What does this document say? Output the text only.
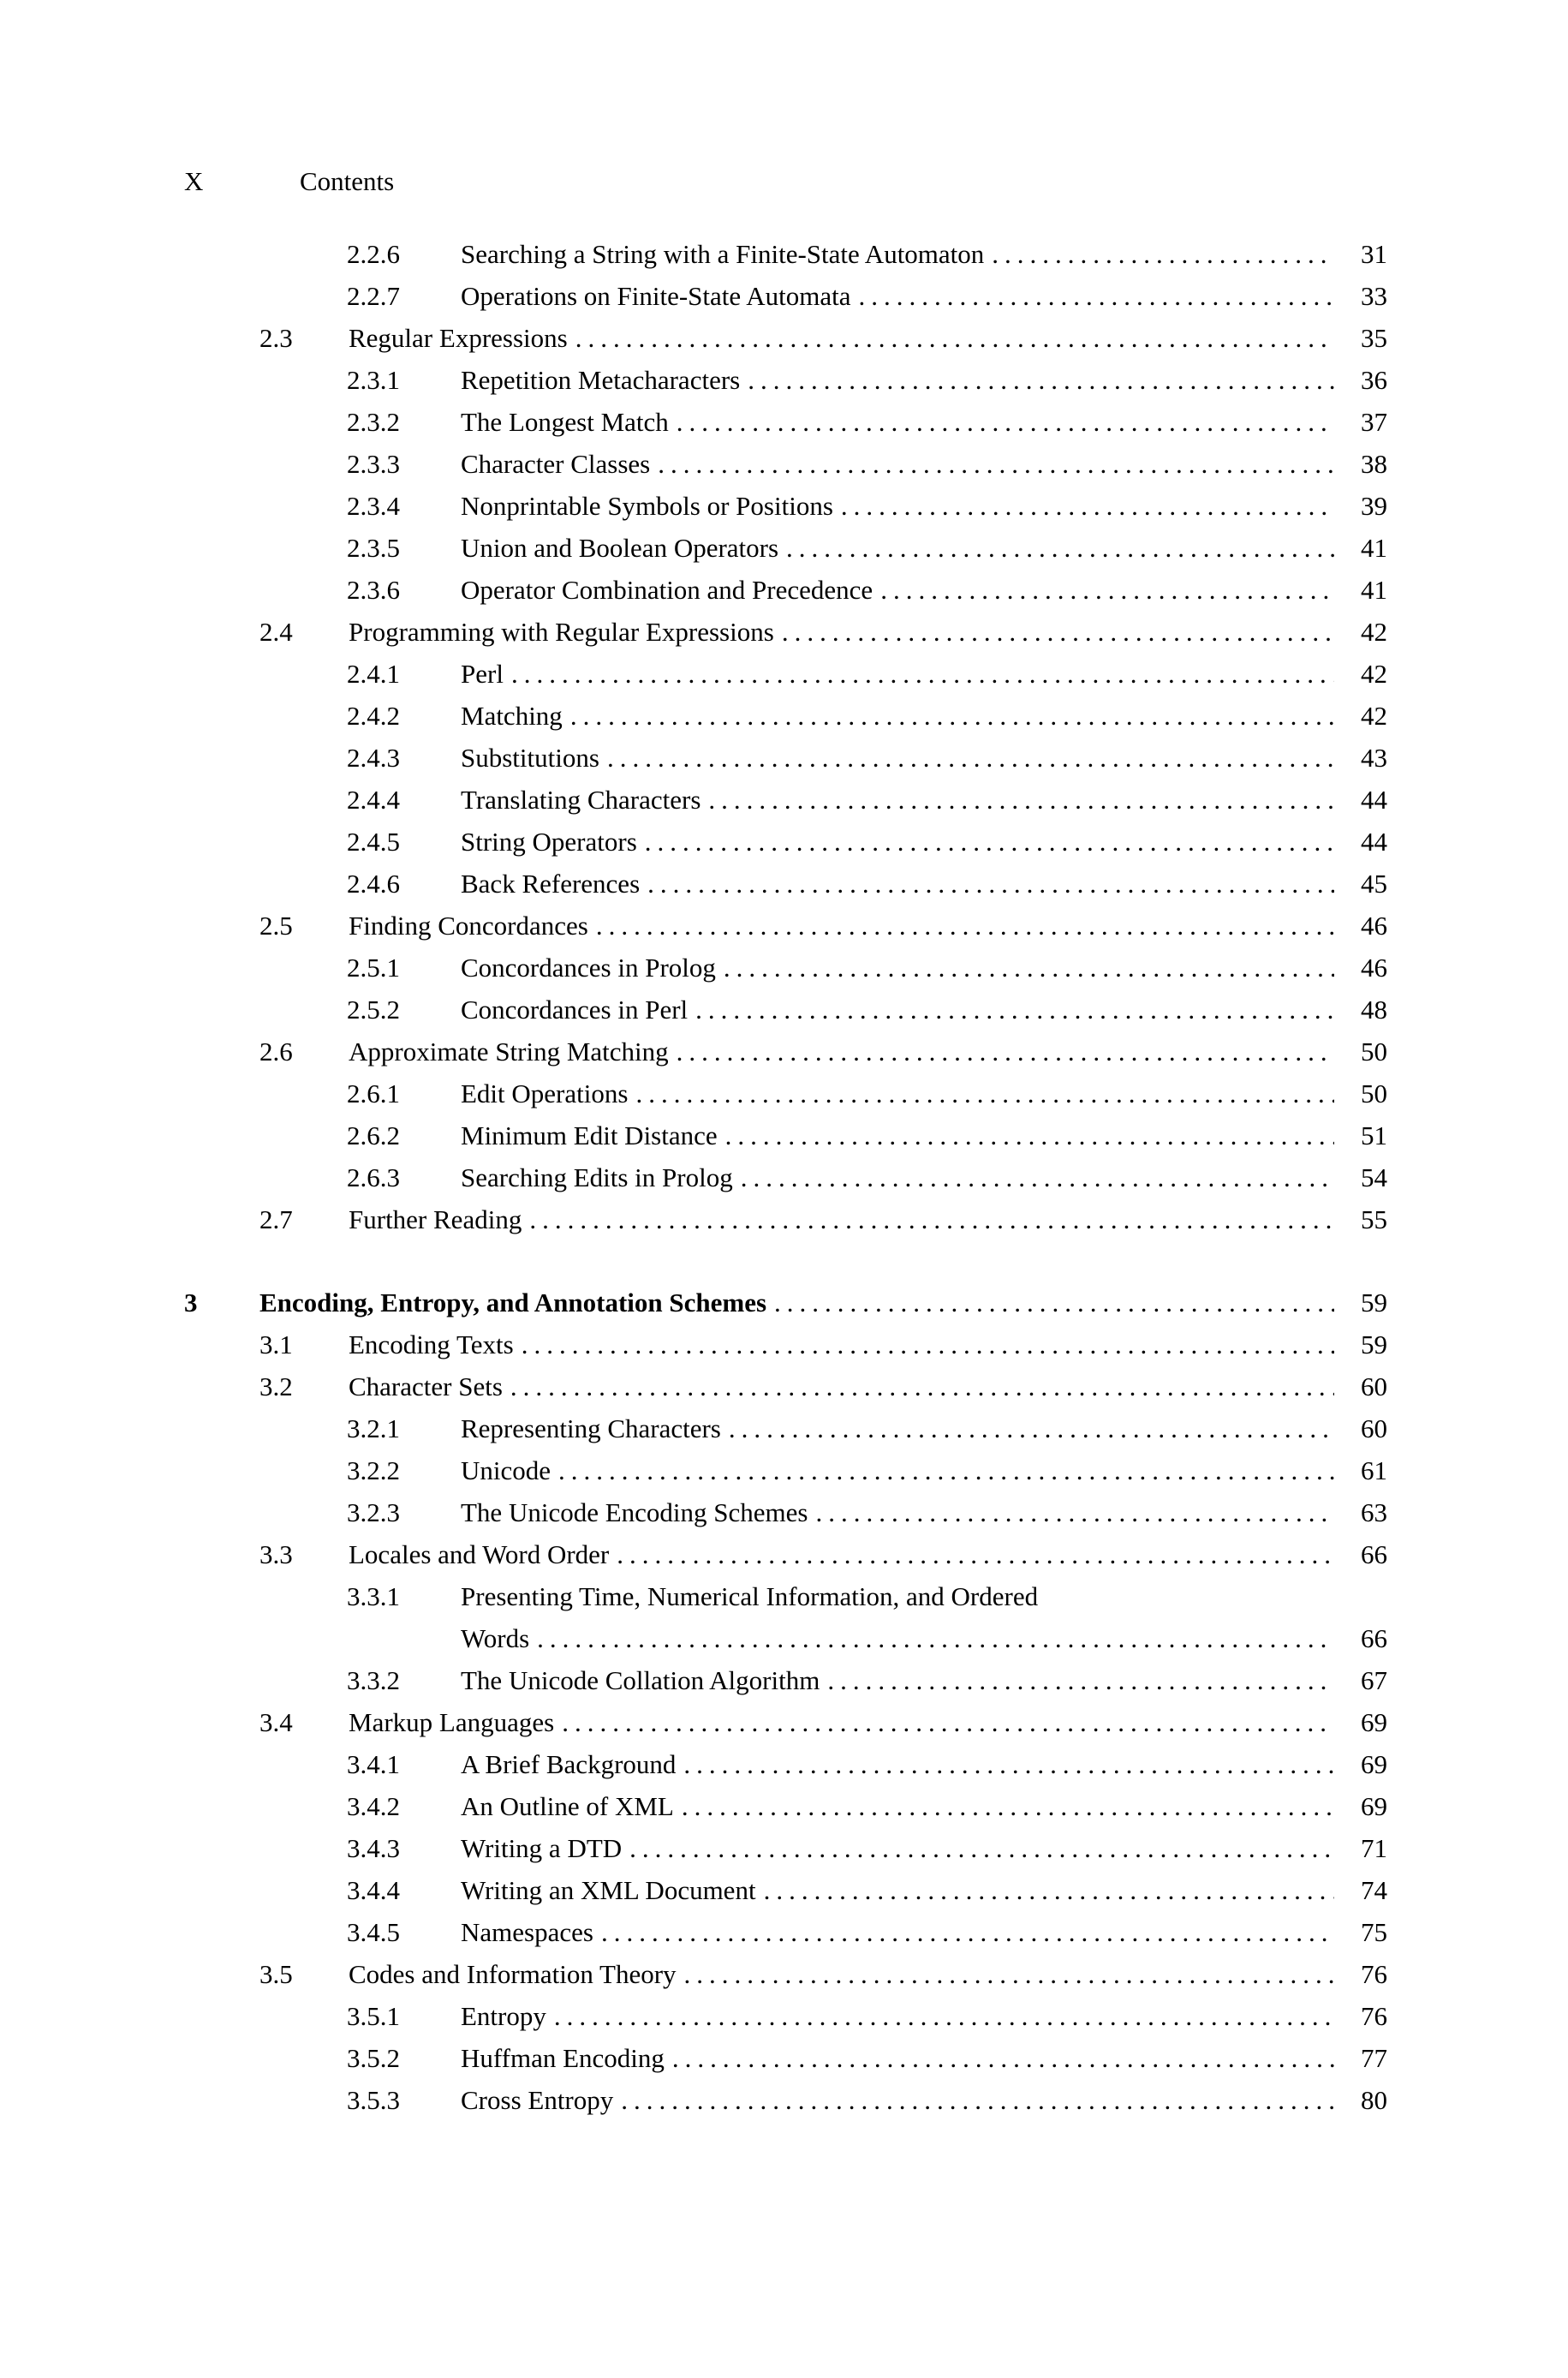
X	Contents
2.2.6	Searching a String with a Finite-State Automaton .....	31
2.2.7	Operations on Finite-State Automata .....	33
2.3	Regular Expressions .....	35
2.3.1	Repetition Metacharacters .....	36
2.3.2	The Longest Match .....	37
2.3.3	Character Classes .....	38
2.3.4	Nonprintable Symbols or Positions .....	39
2.3.5	Union and Boolean Operators .....	41
2.3.6	Operator Combination and Precedence .....	41
2.4	Programming with Regular Expressions .....	42
2.4.1	Perl .....	42
2.4.2	Matching .....	42
2.4.3	Substitutions .....	43
2.4.4	Translating Characters .....	44
2.4.5	String Operators .....	44
2.4.6	Back References .....	45
2.5	Finding Concordances .....	46
2.5.1	Concordances in Prolog .....	46
2.5.2	Concordances in Perl .....	48
2.6	Approximate String Matching .....	50
2.6.1	Edit Operations .....	50
2.6.2	Minimum Edit Distance .....	51
2.6.3	Searching Edits in Prolog .....	54
2.7	Further Reading .....	55
3	Encoding, Entropy, and Annotation Schemes .....	59
3.1	Encoding Texts .....	59
3.2	Character Sets .....	60
3.2.1	Representing Characters .....	60
3.2.2	Unicode .....	61
3.2.3	The Unicode Encoding Schemes .....	63
3.3	Locales and Word Order .....	66
3.3.1	Presenting Time, Numerical Information, and Ordered
Words .....	66
3.3.2	The Unicode Collation Algorithm .....	67
3.4	Markup Languages .....	69
3.4.1	A Brief Background .....	69
3.4.2	An Outline of XML .....	69
3.4.3	Writing a DTD .....	71
3.4.4	Writing an XML Document .....	74
3.4.5	Namespaces .....	75
3.5	Codes and Information Theory .....	76
3.5.1	Entropy .....	76
3.5.2	Huffman Encoding .....	77
3.5.3	Cross Entropy .....	80
